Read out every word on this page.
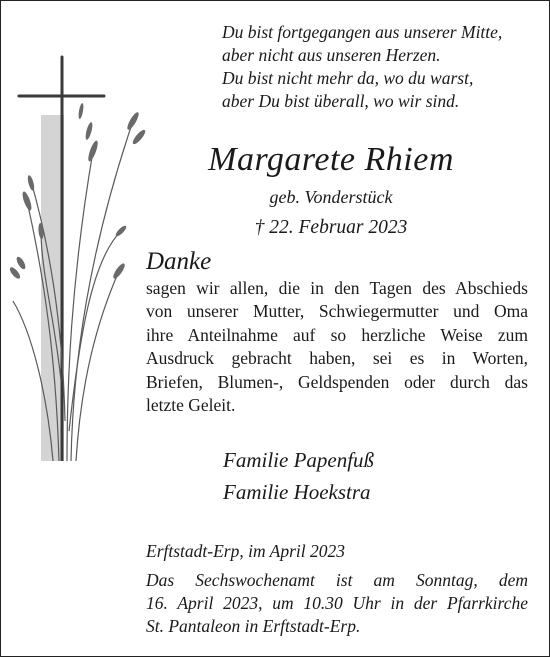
Du bist fortgegangen aus unserer Mitte,
aber nicht aus unseren Herzen.
Du bist nicht mehr da, wo du warst,
aber Du bist überall, wo wir sind.
Margarete Rhiem
geb. Vonderstück
† 22. Februar 2023
Danke
sagen wir allen, die in den Tagen des Abschieds
von unserer Mutter, Schwiegermutter und Oma
ihre Anteilnahme auf so herzliche Weise zum
Ausdruck gebracht haben, sei es in Worten,
Briefen, Blumen-, Geldspenden oder durch das
letzte Geleit.
Familie Papenfuß
Familie Hoekstra
Erftstadt-Erp, im April 2023
Das Sechswochenamt ist am Sonntag, dem
16. April 2023, um 10.30 Uhr in der Pfarrkirche
St. Pantaleon in Erftstadt-Erp.
